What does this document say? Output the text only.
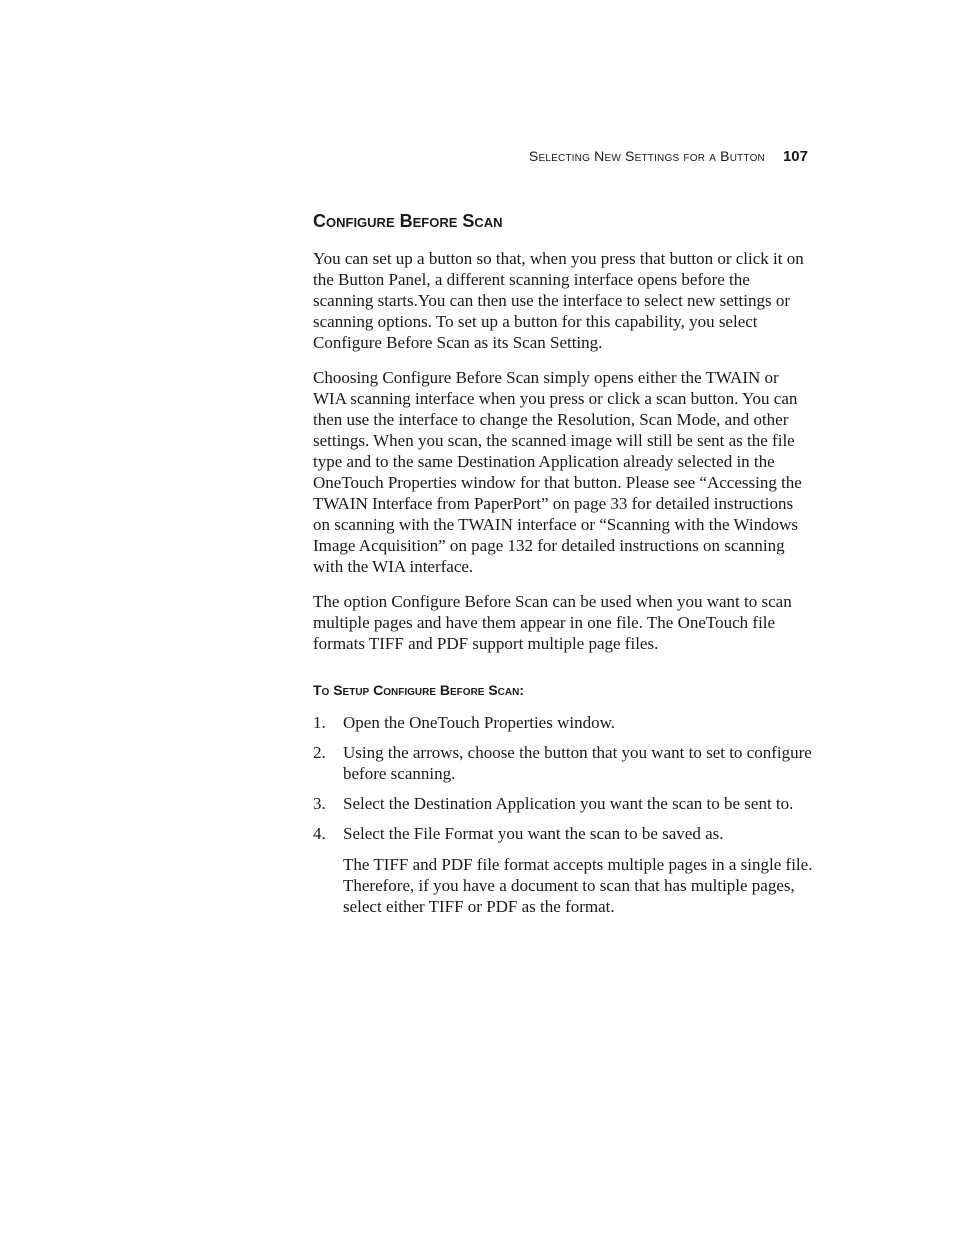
Selecting New Settings for a Button 107
Configure Before Scan

You can set up a button so that, when you press that button or click it on the Button Panel, a different scanning interface opens before the scanning starts.You can then use the interface to select new settings or scanning options. To set up a button for this capability, you select Configure Before Scan as its Scan Setting.

Choosing Configure Before Scan simply opens either the TWAIN or WIA scanning interface when you press or click a scan button. You can then use the interface to change the Resolution, Scan Mode, and other settings. When you scan, the scanned image will still be sent as the file type and to the same Destination Application already selected in the OneTouch Properties window for that button. Please see “Accessing the TWAIN Interface from PaperPort” on page 33 for detailed instructions on scanning with the TWAIN interface or “Scanning with the Windows Image Acquisition” on page 132 for detailed instructions on scanning with the WIA interface.

The option Configure Before Scan can be used when you want to scan multiple pages and have them appear in one file. The OneTouch file formats TIFF and PDF support multiple page files.

To Setup Configure Before Scan:
1.	Open the OneTouch Properties window.
2.	Using the arrows, choose the button that you want to set to configure before scanning.
3.	Select the Destination Application you want the scan to be sent to.
4.	Select the File Format you want the scan to be saved as.

The TIFF and PDF file format accepts multiple pages in a single file. Therefore, if you have a document to scan that has multiple pages, select either TIFF or PDF as the format.
